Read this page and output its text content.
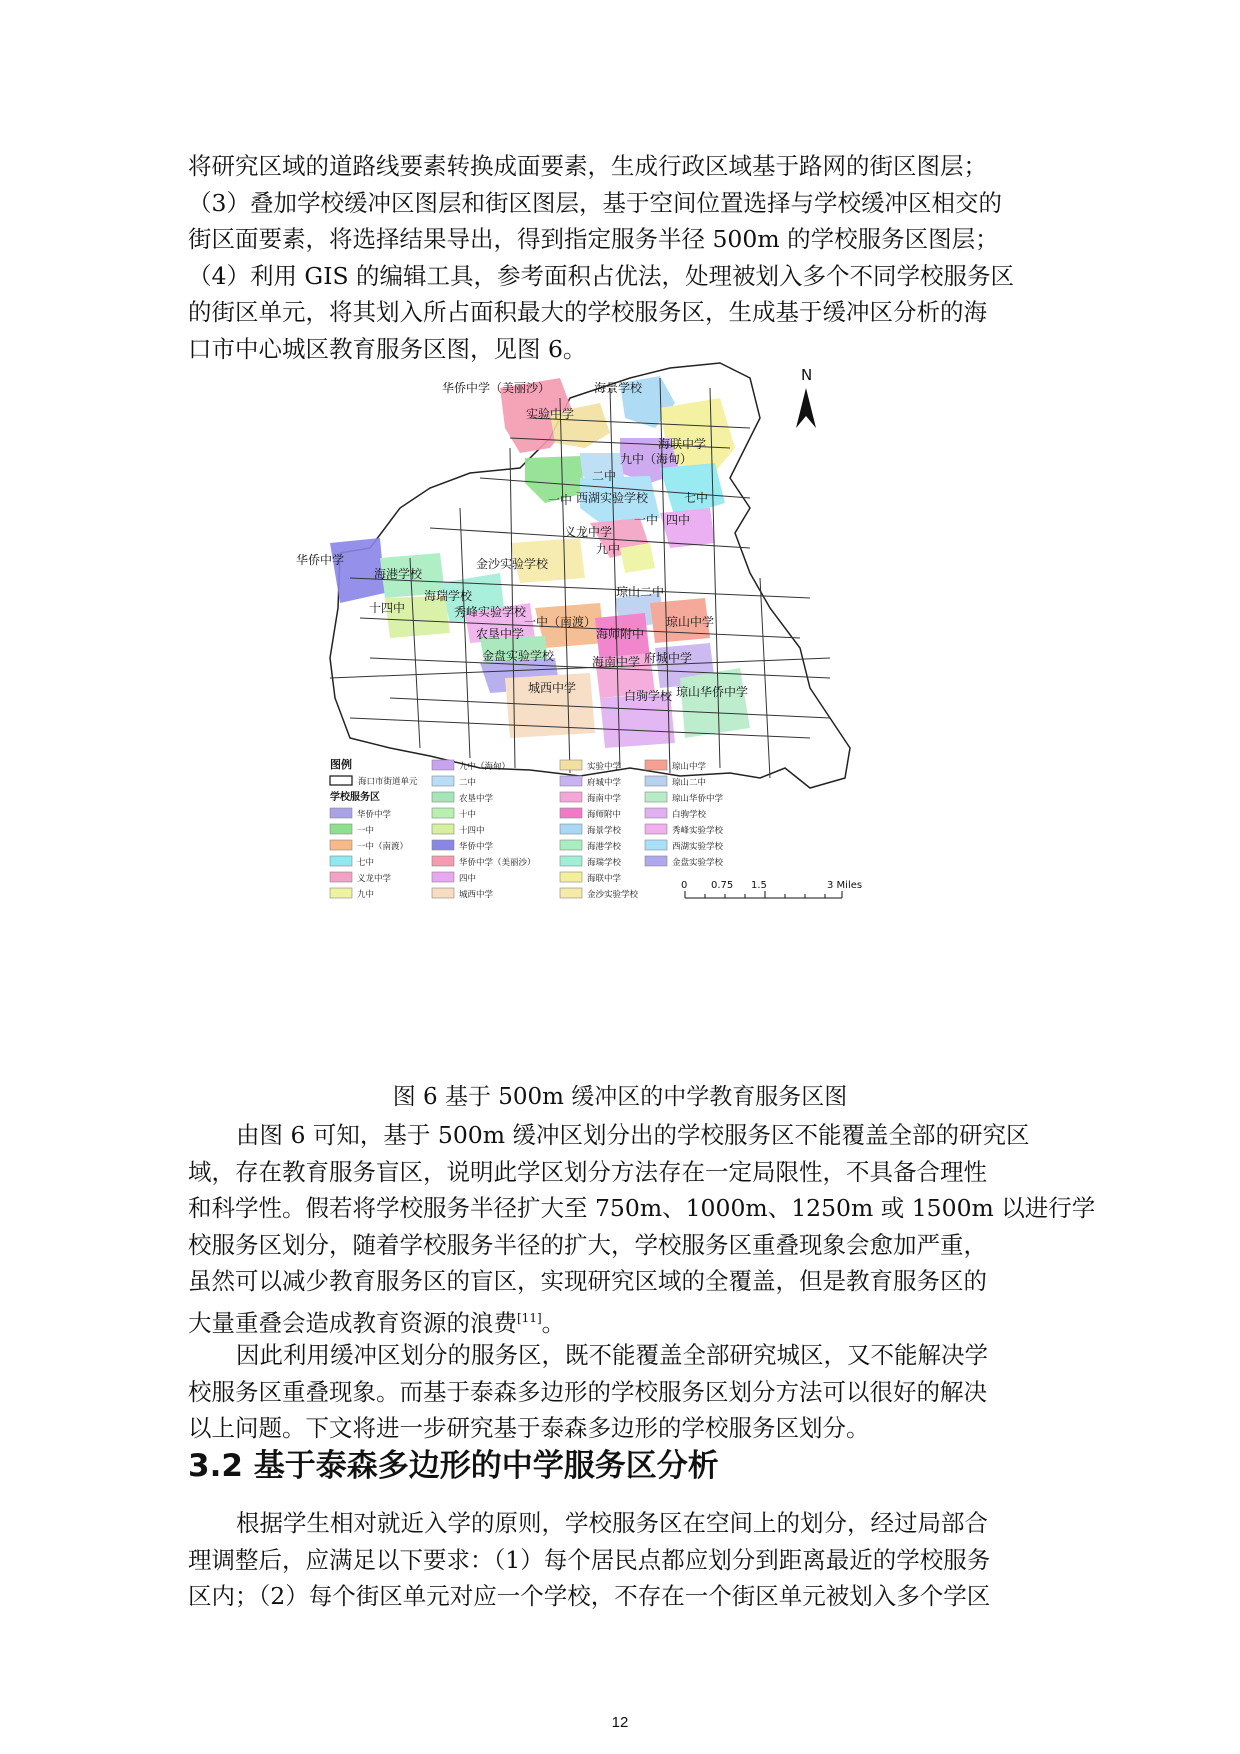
将研究区域的道路线要素转换成面要素，生成行政区域基于路网的街区图层；
（3）叠加学校缓冲区图层和街区图层，基于空间位置选择与学校缓冲区相交的
街区面要素，将选择结果导出，得到指定服务半径 500m 的学校服务区图层；
（4）利用 GIS 的编辑工具，参考面积占优法，处理被划入多个不同学校服务区
的街区单元，将其划入所占面积最大的学校服务区，生成基于缓冲区分析的海
口市中心城区教育服务区图，见图 6。
N
华侨中学（美丽沙）	海景学校
实验中学
海联中学
九中（海甸）
二中
一中 西湖实验学校	七中
义龙中学
一中 四中
九中
华侨中学	金沙实验学校
海港学校
海瑞学校
十四中
琼山二中
秀峰实验学校
一中（南渡）
农垦中学	海师附中
琼山中学
金盘实验学校	海南中学 府城中学
城西中学
白驹学校 琼山华侨中学
图例
海口市街道单元
学校服务区
华侨中学
一中
一中（南渡）
七中
义龙中学
九中
九中（海甸）
二中
农垦中学
十中
十四中
华侨中学
华侨中学（美丽沙）
四中
城西中学
实验中学
府城中学
海南中学
海师附中
海景学校
海港学校
海瑞学校
海联中学
金沙实验学校
琼山中学
琼山二中
琼山华侨中学
白驹学校
秀峰实验学校
西湖实验学校
金盘实验学校
0 0.75 1.5	3 Miles
图 6 基于 500m 缓冲区的中学教育服务区图
由图 6 可知，基于 500m 缓冲区划分出的学校服务区不能覆盖全部的研究区
域，存在教育服务盲区，说明此学区划分方法存在一定局限性，不具备合理性
和科学性。假若将学校服务半径扩大至 750m、1000m、1250m 或 1500m 以进行学
校服务区划分，随着学校服务半径的扩大，学校服务区重叠现象会愈加严重，
虽然可以减少教育服务区的盲区，实现研究区域的全覆盖，但是教育服务区的
大量重叠会造成教育资源的浪费[11]。
因此利用缓冲区划分的服务区，既不能覆盖全部研究城区，又不能解决学
校服务区重叠现象。而基于泰森多边形的学校服务区划分方法可以很好的解决
以上问题。下文将进一步研究基于泰森多边形的学校服务区划分。
3.2 基于泰森多边形的中学服务区分析
根据学生相对就近入学的原则，学校服务区在空间上的划分，经过局部合
理调整后，应满足以下要求：（1）每个居民点都应划分到距离最近的学校服务
区内；（2）每个街区单元对应一个学校，不存在一个街区单元被划入多个学区
12
